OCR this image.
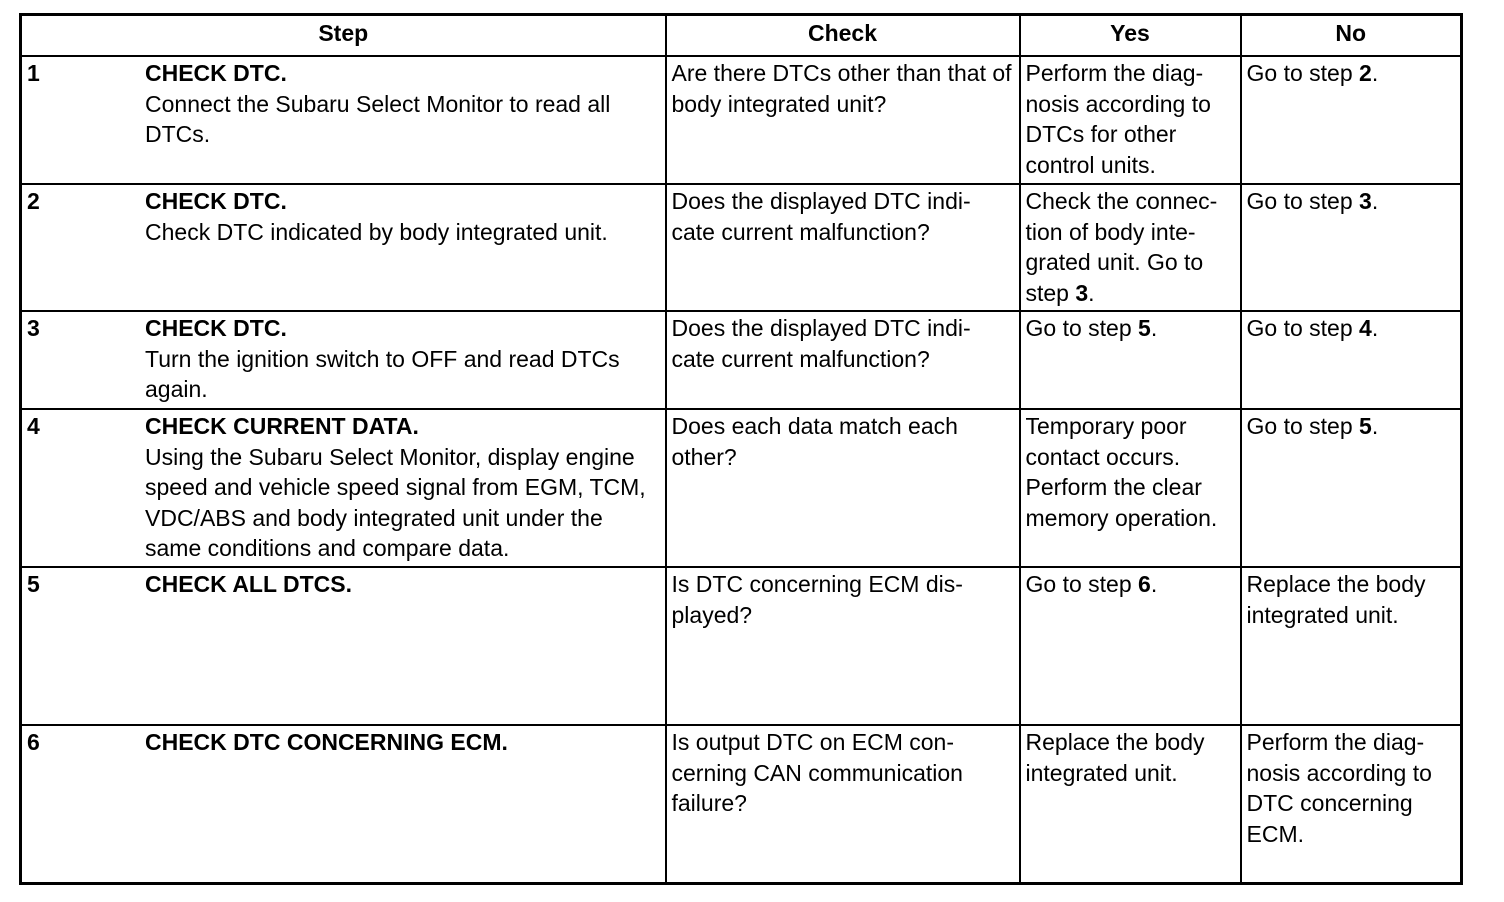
Step	Check	Yes	No

1 CHECK DTC.
Connect the Subaru Select Monitor to read all DTCs.	Are there DTCs other than that of body integrated unit?	Perform the diag- nosis according to DTCs for other control units.	Go to step 2.

2 CHECK DTC.
Check DTC indicated by body integrated unit.	Does the displayed DTC indi- cate current malfunction?	Check the connec- tion of body inte- grated unit. Go to step 3.	Go to step 3.

3 CHECK DTC.
Turn the ignition switch to OFF and read DTCs again.	Does the displayed DTC indi- cate current malfunction?	Go to step 5.	Go to step 4.

4 CHECK CURRENT DATA.
Using the Subaru Select Monitor, display engine speed and vehicle speed signal from EGM, TCM, VDC/ABS and body integrated unit under the same conditions and compare data.	Does each data match each other?	Temporary poor contact occurs. Perform the clear memory operation.	Go to step 5.

5 CHECK ALL DTCS.	Is DTC concerning ECM dis- played?	Go to step 6.	Replace the body integrated unit.

6 CHECK DTC CONCERNING ECM.	Is output DTC on ECM con- cerning CAN communication failure?	Replace the body integrated unit.	Perform the diag- nosis according to DTC concerning ECM.
